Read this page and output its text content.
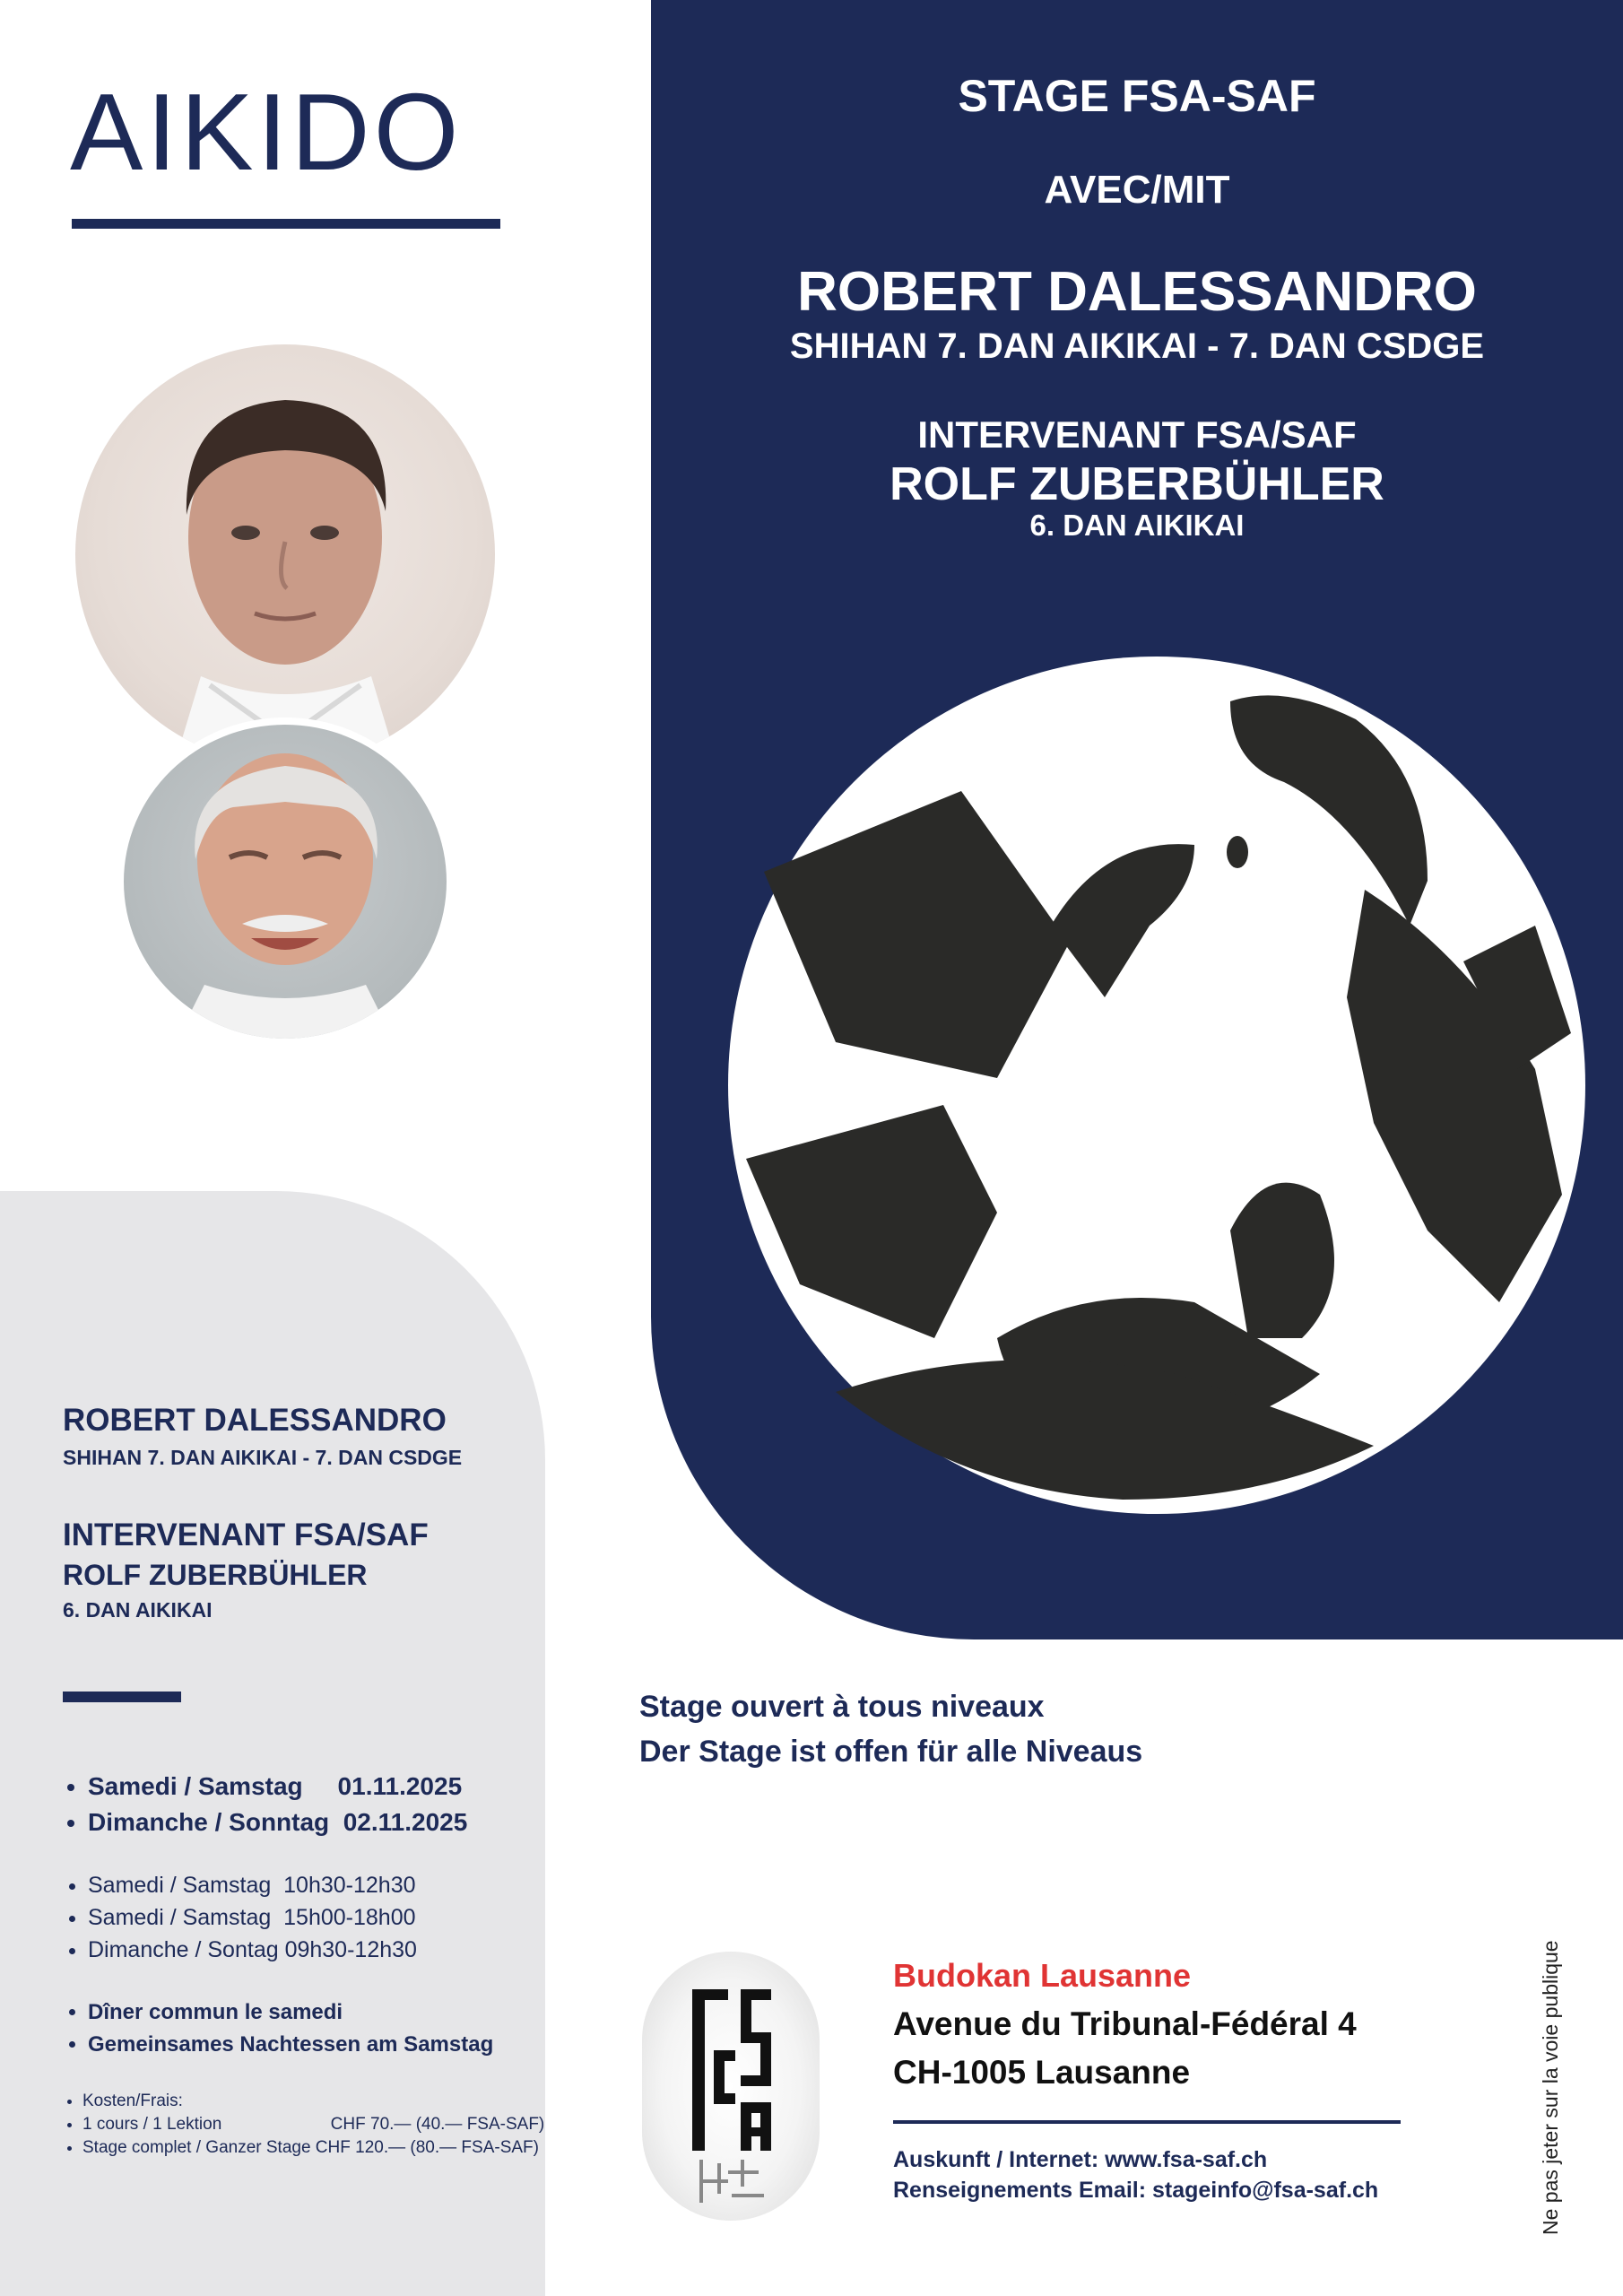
AIKIDO	STAGE FSA-SAF

AVEC/MIT

ROBERT DALESSANDRO

SHIHAN 7. DAN AIKIKAI - 7. DAN CSDGE

INTERVENANT FSA/SAF

ROLF ZUBERBÜHLER

6. DAN AIKIKAI

ROBERT DALESSANDRO

SHIHAN 7. DAN AIKIKAI - 7. DAN CSDGE

INTERVENANT FSA/SAF

ROLF ZUBERBÜHLER

6. DAN AIKIKAI

• Samedi / Samstag     01.11.2025
• Dimanche / Sonntag  02.11.2025
• Samedi / Samstag  10h30-12h30
• Samedi / Samstag  15h00-18h00
• Dimanche / Sontag 09h30-12h30
• Dîner commun le samedi
• Gemeinsames Nachtessen am Samstag
• Kosten/Frais:
• 1 cours / 1 Lektion                       CHF 70.— (40.— FSA-SAF)
• Stage complet / Ganzer Stage CHF 120.— (80.— FSA-SAF)

Stage ouvert à tous niveaux

Der Stage ist offen für alle Niveaus

Budokan Lausanne

Avenue du Tribunal-Fédéral 4

CH-1005 Lausanne

Auskunft / Internet: www.fsa-saf.ch

Renseignements Email: stageinfo@fsa-saf.ch	Ne pas jeter sur la voie publique
